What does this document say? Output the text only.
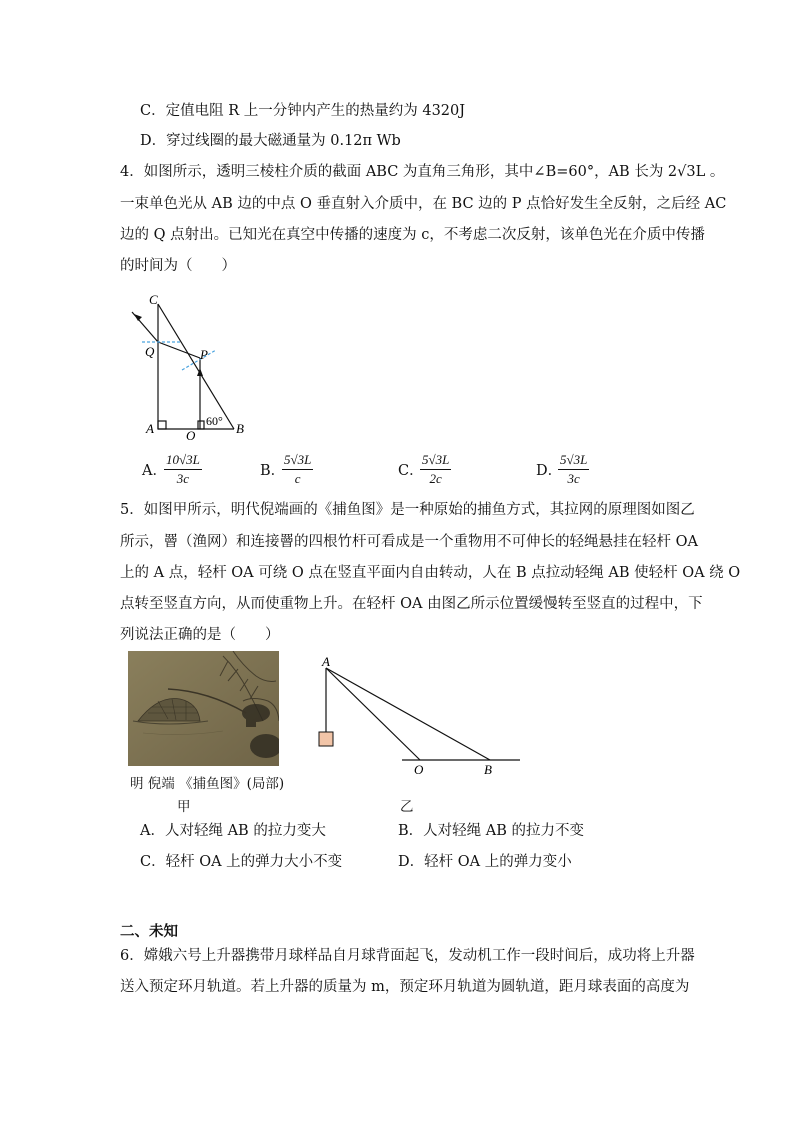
C．定值电阻 R 上一分钟内产生的热量约为 4320J
D．穿过线圈的最大磁通量为 0.12π Wb
4．如图所示，透明三棱柱介质的截面 ABC 为直角三角形，其中∠B=60°，AB 长为 2√3L 。
一束单色光从 AB 边的中点 O 垂直射入介质中，在 BC 边的 P 点恰好发生全反射，之后经 AC
边的 Q 点射出。已知光在真空中传播的速度为 c，不考虑二次反射，该单色光在介质中传播
的时间为（　　）
C
Q	P
A O	B
60°
A．
$\frac{10√3L}{3c}$	B．
$\frac{5√3L}{c}$	C．
$\frac{5√3L}{2c}$	D．
$\frac{5√3L}{3c}$
5．如图甲所示，明代倪端画的《捕鱼图》是一种原始的捕鱼方式，其拉网的原理图如图乙
所示，罾（渔网）和连接罾的四根竹杆可看成是一个重物用不可伸长的轻绳悬挂在轻杆 OA
上的 A 点，轻杆 OA 可绕 O 点在竖直平面内自由转动，人在 B 点拉动轻绳 AB 使轻杆 OA 绕 O
点转至竖直方向，从而使重物上升。在轻杆 OA 由图乙所示位置缓慢转至竖直的过程中，下
列说法正确的是（　　）
明 倪端 《捕鱼图》(局部)
甲
A
O	B
乙
A．人对轻绳 AB 的拉力变大	B．人对轻绳 AB 的拉力不变
C．轻杆 OA 上的弹力大小不变	D．轻杆 OA 上的弹力变小
二、未知
6．嫦娥六号上升器携带月球样品自月球背面起飞，发动机工作一段时间后，成功将上升器
送入预定环月轨道。若上升器的质量为 m，预定环月轨道为圆轨道，距月球表面的高度为
